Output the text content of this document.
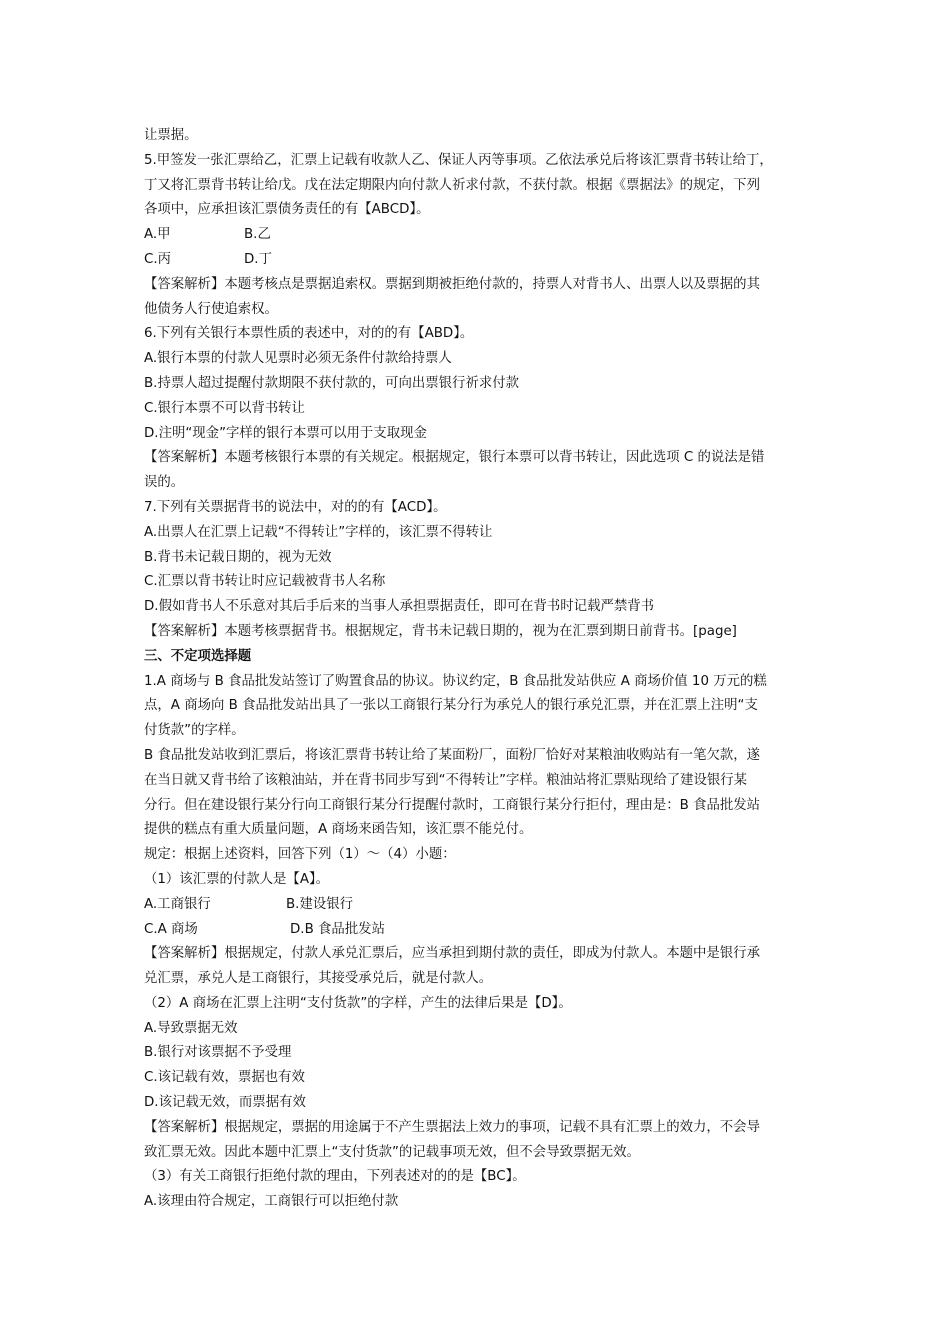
让票据。
5.甲签发一张汇票给乙，汇票上记载有收款人乙、保证人丙等事项。乙依法承兑后将该汇票背书转让给丁，
丁又将汇票背书转让给戊。戊在法定期限内向付款人祈求付款，不获付款。根据《票据法》的规定，下列
各项中，应承担该汇票债务责任的有【ABCD】。
A.甲	B.乙
C.丙	D.丁
【答案解析】本题考核点是票据追索权。票据到期被拒绝付款的，持票人对背书人、出票人以及票据的其
他债务人行使追索权。
6.下列有关银行本票性质的表述中，对的的有【ABD】。
A.银行本票的付款人见票时必须无条件付款给持票人
B.持票人超过提醒付款期限不获付款的，可向出票银行祈求付款
C.银行本票不可以背书转让
D.注明“现金”字样的银行本票可以用于支取现金
【答案解析】本题考核银行本票的有关规定。根据规定，银行本票可以背书转让，因此选项 C 的说法是错
误的。
7.下列有关票据背书的说法中，对的的有【ACD】。
A.出票人在汇票上记载“不得转让”字样的，该汇票不得转让
B.背书未记载日期的，视为无效
C.汇票以背书转让时应记载被背书人名称
D.假如背书人不乐意对其后手后来的当事人承担票据责任，即可在背书时记载严禁背书
【答案解析】本题考核票据背书。根据规定，背书未记载日期的，视为在汇票到期日前背书。[page]
三、不定项选择题
1.A 商场与 B 食品批发站签订了购置食品的协议。协议约定，B 食品批发站供应 A 商场价值 10 万元的糕
点，A 商场向 B 食品批发站出具了一张以工商银行某分行为承兑人的银行承兑汇票，并在汇票上注明“支
付货款”的字样。
B 食品批发站收到汇票后，将该汇票背书转让给了某面粉厂，面粉厂恰好对某粮油收购站有一笔欠款，遂
在当日就又背书给了该粮油站，并在背书同步写到“不得转让”字样。粮油站将汇票贴现给了建设银行某
分行。但在建设银行某分行向工商银行某分行提醒付款时，工商银行某分行拒付，理由是：B 食品批发站
提供的糕点有重大质量问题，A 商场来函告知，该汇票不能兑付。
规定：根据上述资料，回答下列（1）～（4）小题：
（1）该汇票的付款人是【A】。
A.工商银行	B.建设银行
C.A 商场	D.B 食品批发站
【答案解析】根据规定，付款人承兑汇票后，应当承担到期付款的责任，即成为付款人。本题中是银行承
兑汇票，承兑人是工商银行，其接受承兑后，就是付款人。
（2）A 商场在汇票上注明“支付货款”的字样，产生的法律后果是【D】。
A.导致票据无效
B.银行对该票据不予受理
C.该记载有效，票据也有效
D.该记载无效，而票据有效
【答案解析】根据规定，票据的用途属于不产生票据法上效力的事项，记载不具有汇票上的效力，不会导
致汇票无效。因此本题中汇票上“支付货款”的记载事项无效，但不会导致票据无效。
（3）有关工商银行拒绝付款的理由，下列表述对的的是【BC】。
A.该理由符合规定，工商银行可以拒绝付款
